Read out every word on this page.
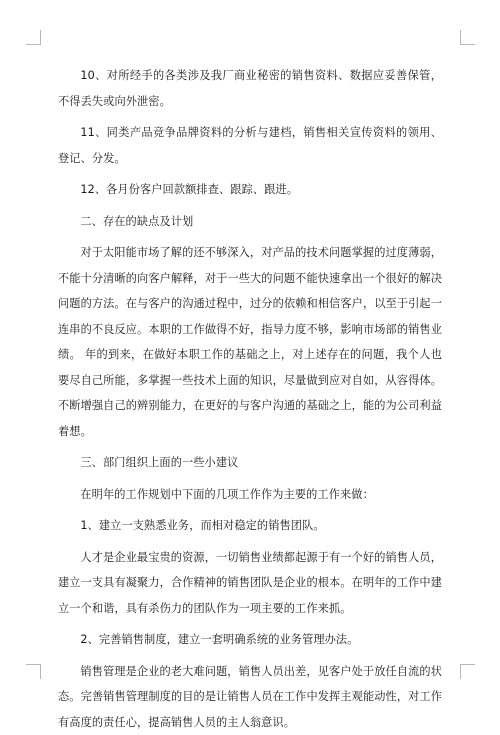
10、对所经手的各类涉及我厂商业秘密的销售资料、数据应妥善保管，不得丢失或向外泄密。

11、同类产品竞争品牌资料的分析与建档，销售相关宣传资料的领用、登记、分发。

12、各月份客户回款额排查、跟踪、跟进。

二、存在的缺点及计划

对于太阳能市场了解的还不够深入，对产品的技术问题掌握的过度薄弱，不能十分清晰的向客户解释，对于一些大的问题不能快速拿出一个很好的解决问题的方法。在与客户的沟通过程中，过分的依赖和相信客户，以至于引起一连串的不良反应。本职的工作做得不好，指导力度不够，影响市场部的销售业绩。 年的到来，在做好本职工作的基础之上，对上述存在的问题，我个人也要尽自己所能，多掌握一些技术上面的知识，尽量做到应对自如，从容得体。不断增强自己的辨别能力，在更好的与客户沟通的基础之上，能的为公司利益着想。

三、部门组织上面的一些小建议

在明年的工作规划中下面的几项工作作为主要的工作来做：

1、建立一支熟悉业务，而相对稳定的销售团队。

人才是企业最宝贵的资源，一切销售业绩都起源于有一个好的销售人员，建立一支具有凝聚力，合作精神的销售团队是企业的根本。在明年的工作中建立一个和谐，具有杀伤力的团队作为一项主要的工作来抓。

2、完善销售制度，建立一套明确系统的业务管理办法。

销售管理是企业的老大难问题，销售人员出差，见客户处于放任自流的状态。完善销售管理制度的目的是让销售人员在工作中发挥主观能动性，对工作有高度的责任心，提高销售人员的主人翁意识。
